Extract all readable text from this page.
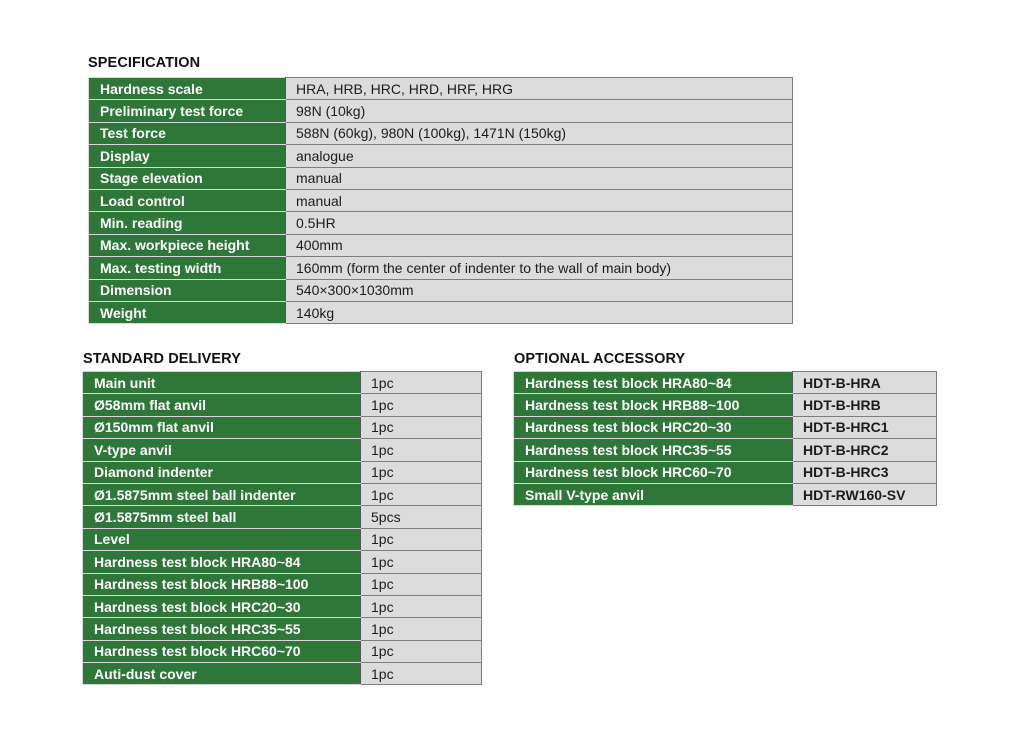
SPECIFICATION
Hardness scale	HRA, HRB, HRC, HRD, HRF, HRG
Preliminary test force	98N (10kg)
Test force	588N (60kg), 980N (100kg), 1471N (150kg)
Display	analogue
Stage elevation	manual
Load control	manual
Min. reading	0.5HR
Max. workpiece height	400mm
Max. testing width	160mm (form the center of indenter to the wall of main body)
Dimension	540×300×1030mm
Weight	140kg
STANDARD DELIVERY
Main unit	1pc
Ø58mm flat anvil	1pc
Ø150mm flat anvil	1pc
V-type anvil	1pc
Diamond indenter	1pc
Ø1.5875mm steel ball indenter	1pc
Ø1.5875mm steel ball	5pcs
Level	1pc
Hardness test block HRA80~84	1pc
Hardness test block HRB88~100	1pc
Hardness test block HRC20~30	1pc
Hardness test block HRC35~55	1pc
Hardness test block HRC60~70	1pc
Auti-dust cover	1pc
OPTIONAL ACCESSORY
Hardness test block HRA80~84	HDT-B-HRA
Hardness test block HRB88~100	HDT-B-HRB
Hardness test block HRC20~30	HDT-B-HRC1
Hardness test block HRC35~55	HDT-B-HRC2
Hardness test block HRC60~70	HDT-B-HRC3
Small V-type anvil	HDT-RW160-SV
